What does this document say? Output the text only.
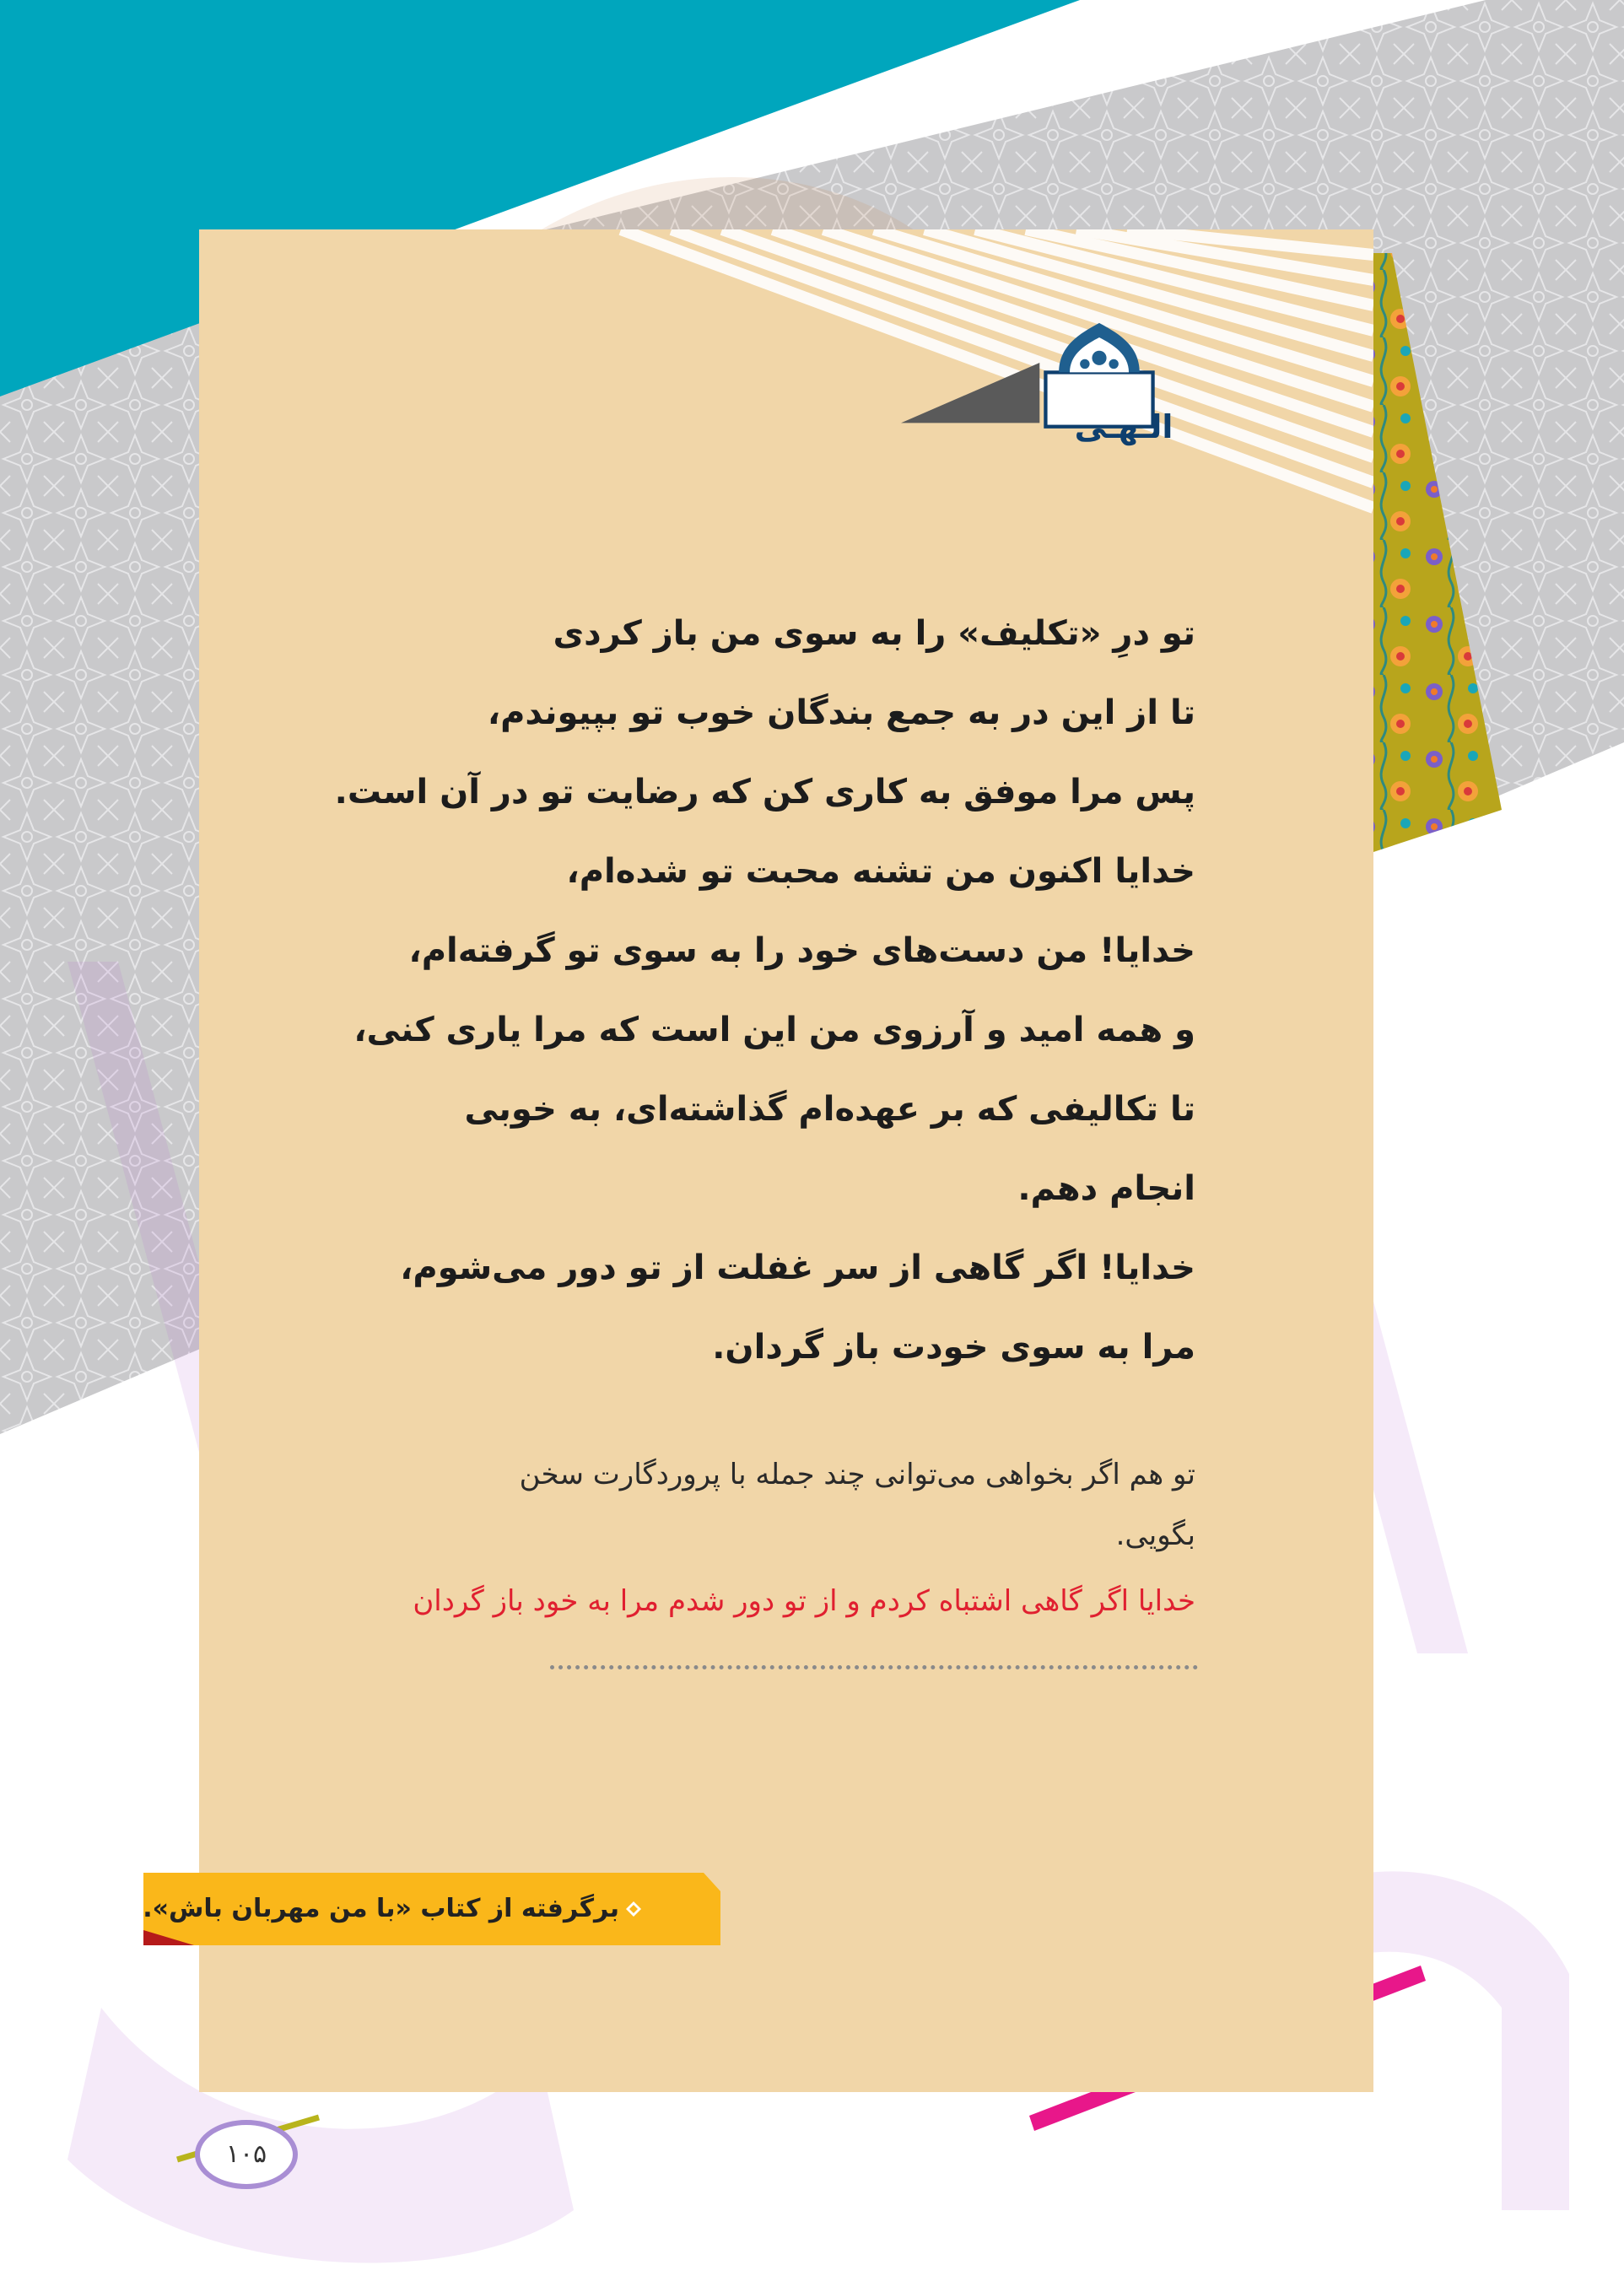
الـهـی
تو درِ «تکلیف» را به سوی من باز کردی
تا از این در به جمع بندگان خوب تو بپیوندم،
پس مرا موفق به کاری کن که رضایت تو در آن است.
خدایا اکنون من تشنه محبت تو شده‌ام،
خدایا! من دست‌های خود را به سوی تو گرفته‌ام،
و همه امید و آرزوی من این است که مرا یاری کنی،
تا تکالیفی که بر عهده‌ام گذاشته‌ای، به خوبی
انجام دهم.
خدایا! اگر گاهی از سر غفلت از تو دور می‌شوم،
مرا به سوی خودت باز گردان.

تو هم اگر بخواهی می‌توانی چند جمله با پروردگارت سخن بگویی.

خدایا اگر گاهی اشتباه کردم و از تو دور شدم مرا به خود باز گردان
برگرفته از کتاب «با من مهربان باش».
۱۰۵
